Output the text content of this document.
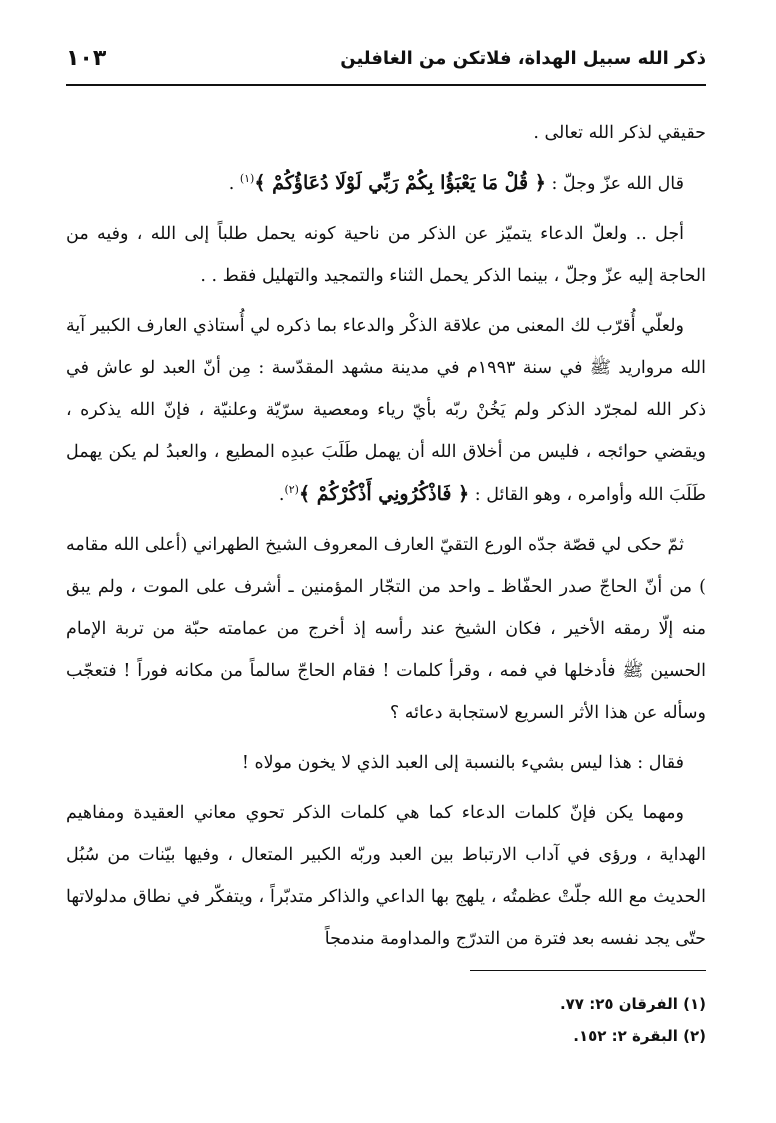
ذكر الله سبيل الهداة، فلاتكن من الغافلين
١٠٣

حقيقي لذكر الله تعالى .

قال الله عزّ وجلّ : ﴿ قُلْ مَا يَعْبَؤُا بِكُمْ رَبِّي لَوْلَا دُعَاؤُكُمْ ﴾$^{(١)}$ .

أجل .. ولعلّ الدعاء يتميّز عن الذكر من ناحية كونه يحمل طلباً إلى الله ، وفيه من الحاجة إليه عزّ وجلّ ، بينما الذكر يحمل الثناء والتمجيد والتهليل فقط . .

ولعلّي أُقرّب لك المعنى من علاقة الذكْر والدعاء بما ذكره لي أُستاذي العارف الكبير آية الله مرواريد ﷺ في سنة ١٩٩٣م في مدينة مشهد المقدّسة : مِن أنّ العبد لو عاش في ذكر الله لمجرّد الذكر ولم يَخُنْ ربّه بأيّ رياء ومعصية سرّيّة وعلنيّة ، فإنّ الله يذكره ، ويقضي حوائجه ، فليس من أخلاق الله أن يهمل طَلَبَ عبدِه المطيع ، والعبدُ لم يكن يهمل طَلَبَ الله وأوامره ، وهو القائل : ﴿ فَاذْكُرُونِي أَذْكُرْكُمْ ﴾$^{(٢)}$.

ثمّ حكى لي قصّة جدّه الورع التقيّ العارف المعروف الشيخ الطهراني (أعلى الله مقامه ) من أنّ الحاجّ صدر الحفّاظ ـ واحد من التجّار المؤمنين ـ أشرف على الموت ، ولم يبق منه إلّا رمقه الأخير ، فكان الشيخ عند رأسه إذ أخرج من عمامته حبّة من تربة الإمام الحسين ﷺ فأدخلها في فمه ، وقرأ كلمات ! فقام الحاجّ سالماً من مكانه فوراً ! فتعجّب وسأله عن هذا الأثر السريع لاستجابة دعائه ؟

فقال : هذا ليس بشيء بالنسبة إلى العبد الذي لا يخون مولاه !

ومهما يكن فإنّ كلمات الدعاء كما هي كلمات الذكر تحوي معاني العقيدة ومفاهيم الهداية ، ورؤى في آداب الارتباط بين العبد وربّه الكبير المتعال ، وفيها بيّنات من سُبُل الحديث مع الله جلّتْ عظمتُه ، يلهج بها الداعي والذاكر متدبّراً ، ويتفكّر في نطاق مدلولاتها حتّى يجد نفسه بعد فترة من التدرّج والمداومة مندمجاً

(١) الفرقان ٢٥: ٧٧.
(٢) البقرة ٢: ١٥٢.
